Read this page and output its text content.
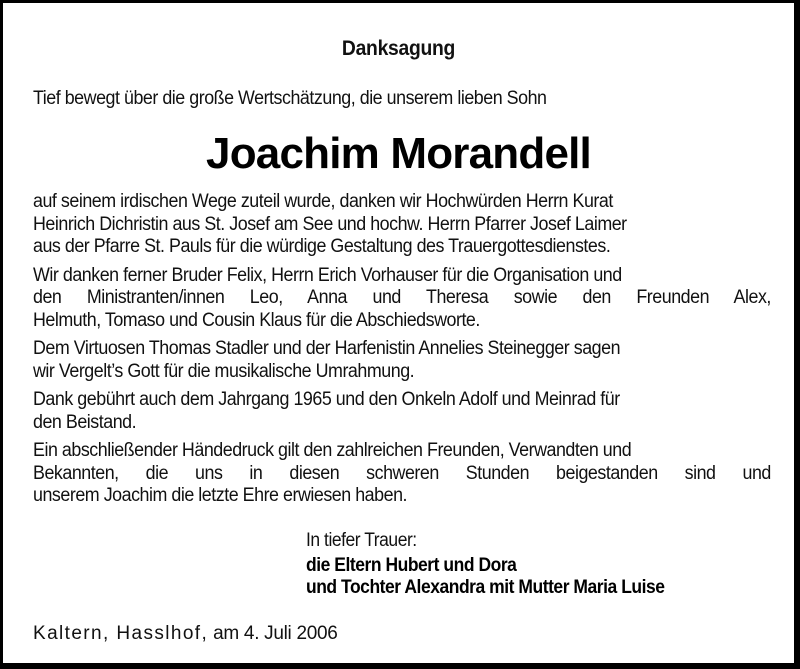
Danksagung
Tief bewegt über die große Wertschätzung, die unserem lieben Sohn
Joachim Morandell
auf seinem irdischen Wege zuteil wurde, danken wir Hochwürden Herrn Kurat
Heinrich Dichristin aus St. Josef am See und hochw. Herrn Pfarrer Josef Laimer
aus der Pfarre St. Pauls für die würdige Gestaltung des Trauergottesdienstes.
Wir danken ferner Bruder Felix, Herrn Erich Vorhauser für die Organisation und
den Ministranten/innen Leo, Anna und Theresa sowie den Freunden Alex,
Helmuth, Tomaso und Cousin Klaus für die Abschiedsworte.
Dem Virtuosen Thomas Stadler und der Harfenistin Annelies Steinegger sagen
wir Vergelt’s Gott für die musikalische Umrahmung.
Dank gebührt auch dem Jahrgang 1965 und den Onkeln Adolf und Meinrad für
den Beistand.
Ein abschließender Händedruck gilt den zahlreichen Freunden, Verwandten und
Bekannten, die uns in diesen schweren Stunden beigestanden sind und
unserem Joachim die letzte Ehre erwiesen haben.
In tiefer Trauer:
die Eltern Hubert und Dora
und Tochter Alexandra mit Mutter Maria Luise
Kaltern, Hasslhof, am 4. Juli 2006
